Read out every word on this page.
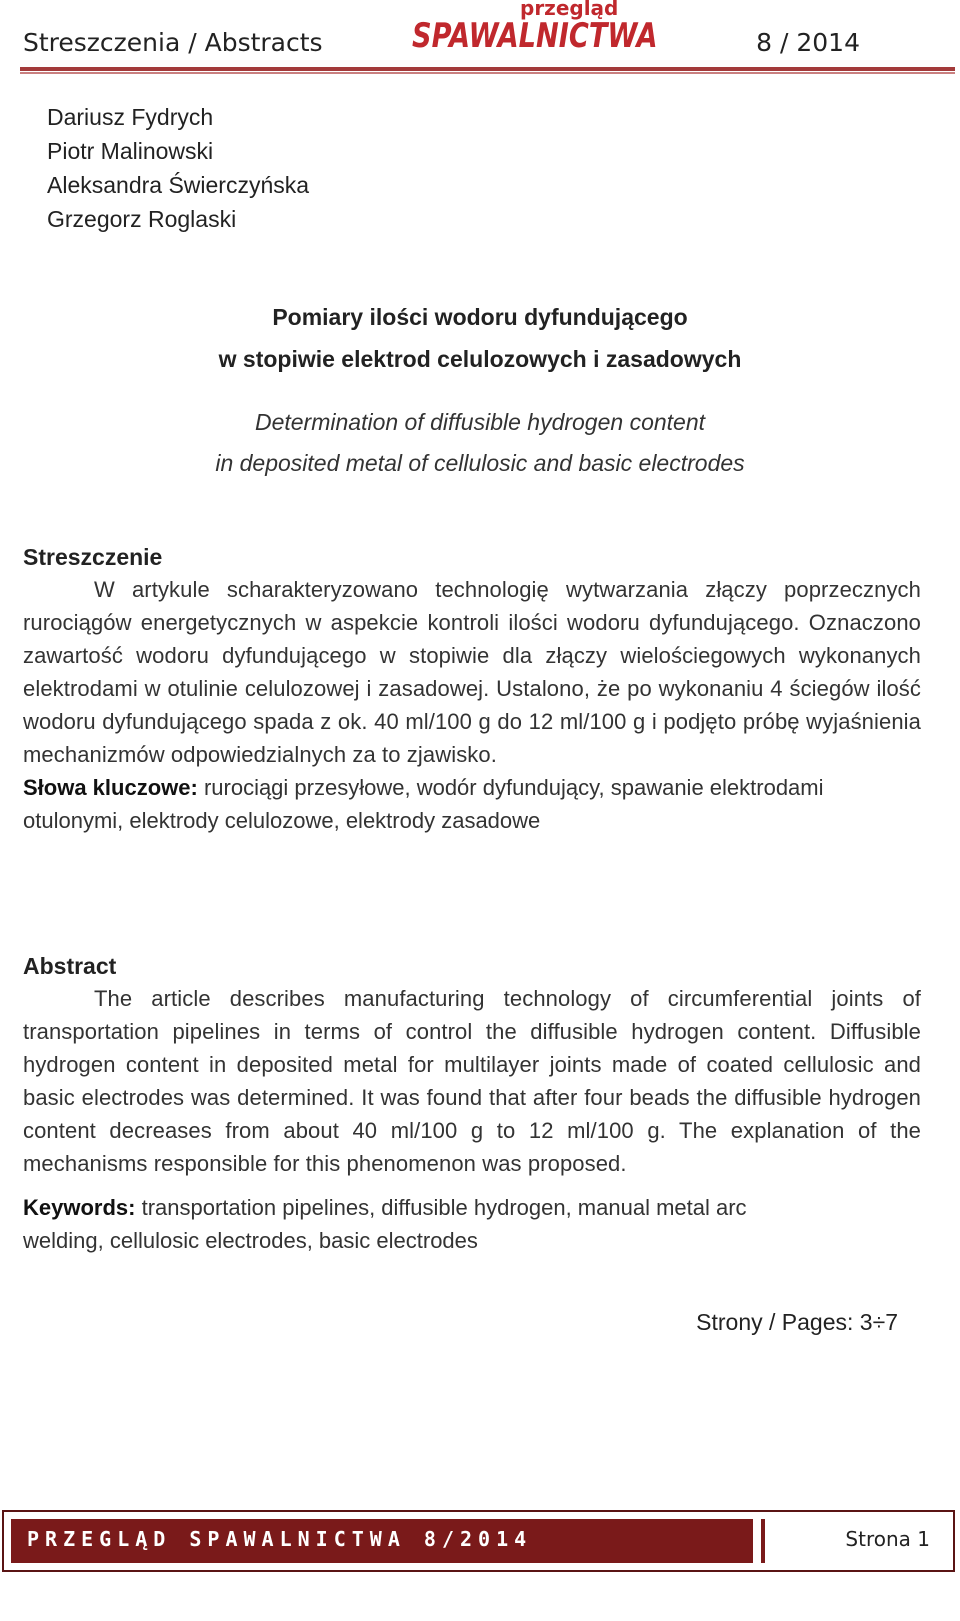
Streszczenia / Abstracts
przegląd
SPAWALNICTWA	8 / 2014
Dariusz Fydrych
Piotr Malinowski
Aleksandra Świerczyńska
Grzegorz Roglaski
Pomiary ilości wodoru dyfundującego
w stopiwie elektrod celulozowych i zasadowych
Determination of diffusible hydrogen content
in deposited metal of cellulosic and basic electrodes
Streszczenie
W artykule scharakteryzowano technologię wytwarzania złączy poprzecznych rurociągów energetycznych w aspekcie kontroli ilości wodoru dyfundującego. Oznaczono zawartość wodoru dyfundującego w stopiwie dla złączy wielościegowych wykonanych elektrodami w otulinie celulozowej i zasadowej. Ustalono, że po wykonaniu 4 ściegów ilość wodoru dyfundującego spada z ok. 40 ml/100 g do 12 ml/100 g i podjęto próbę wyjaśnienia mechanizmów odpowiedzialnych za to zjawisko.
Słowa kluczowe: rurociągi przesyłowe, wodór dyfundujący, spawanie elektrodami otulonymi, elektrody celulozowe, elektrody zasadowe
Abstract
The article describes manufacturing technology of circumferential joints of transportation pipelines in terms of control the diffusible hydrogen content. Diffusible hydrogen content in deposited metal for multilayer joints made of coated cellulosic and basic electrodes was determined. It was found that after four beads the diffusible hydrogen content decreases from about 40 ml/100 g to 12 ml/100 g. The explanation of the mechanisms responsible for this phenomenon was proposed.
Keywords: transportation pipelines, diffusible hydrogen, manual metal arc
welding, cellulosic electrodes, basic electrodes
Strony / Pages: 3÷7
PRZEGLĄD SPAWALNICTWA 8/2014	Strona 1
